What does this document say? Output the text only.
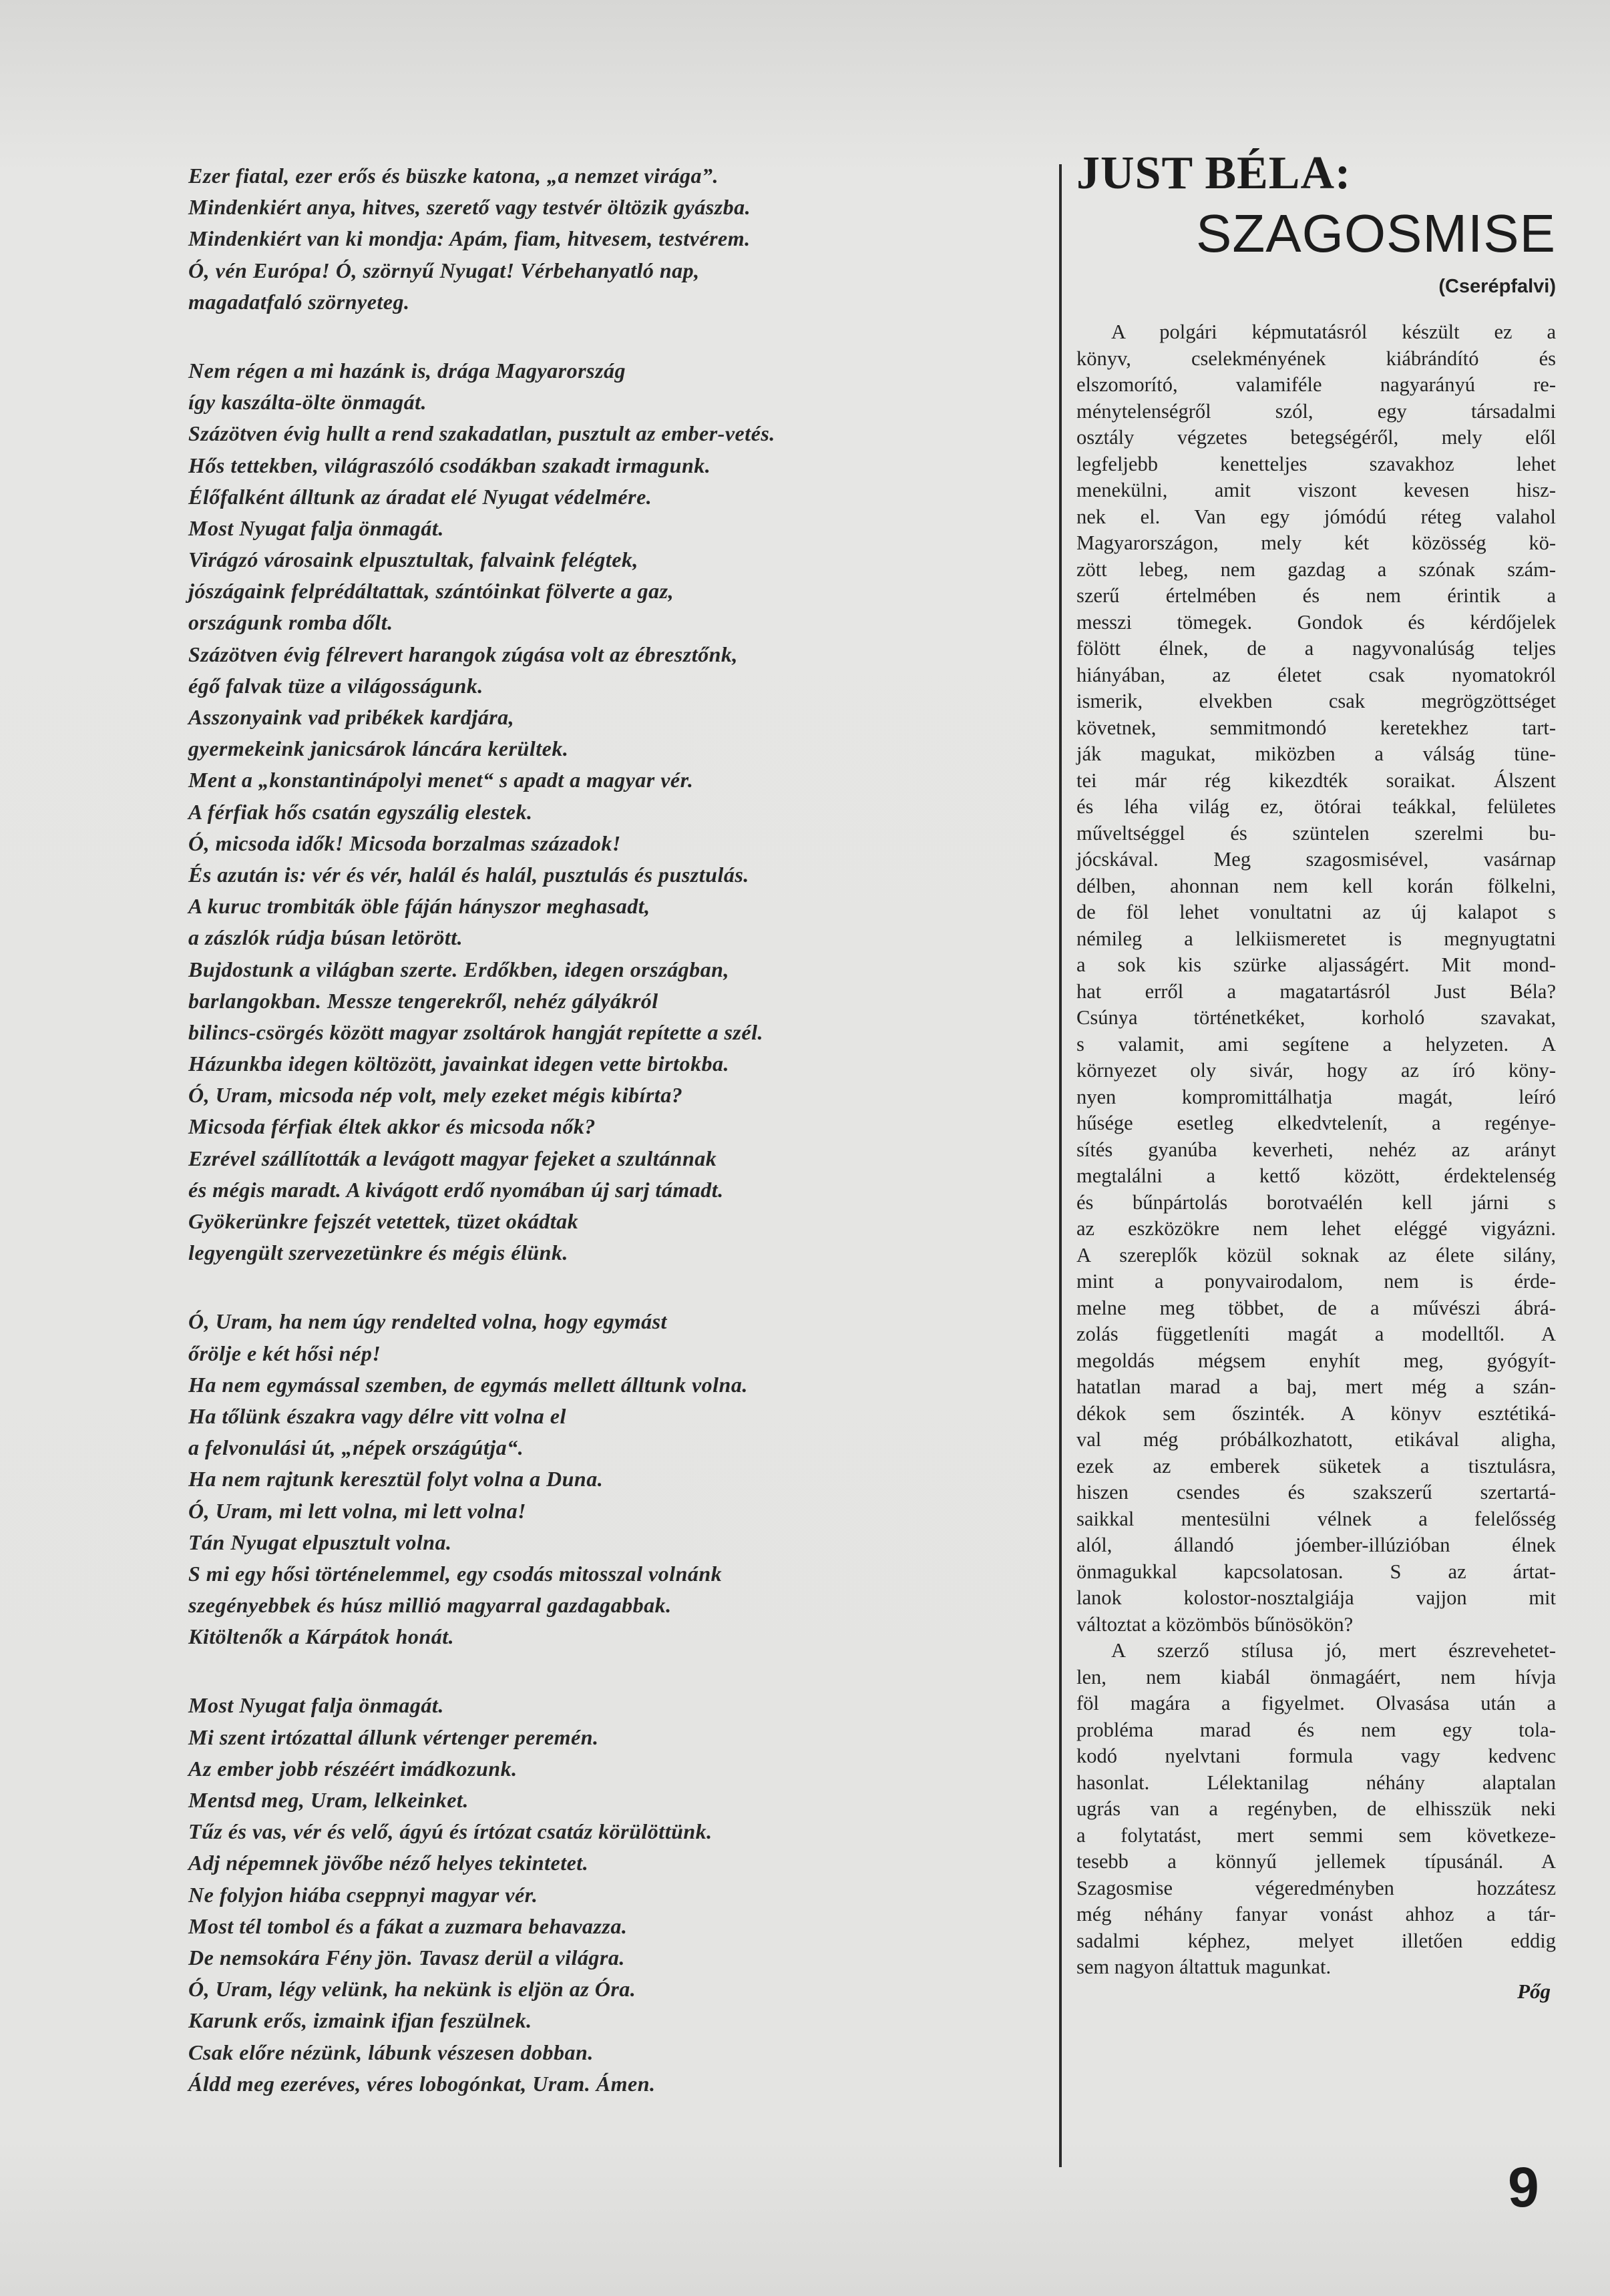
Ezer fiatal, ezer erős és büszke katona, „a nemzet virága”.
Mindenkiért anya, hitves, szerető vagy testvér öltözik gyászba.
Mindenkiért van ki mondja: Apám, fiam, hitvesem, testvérem.
Ó, vén Európa! Ó, szörnyű Nyugat! Vérbehanyatló nap,
magadatfaló szörnyeteg.
Nem régen a mi hazánk is, drága Magyarország
így kaszálta-ölte önmagát.
Százötven évig hullt a rend szakadatlan, pusztult az ember-vetés.
Hős tettekben, világraszóló csodákban szakadt irmagunk.
Élőfalként álltunk az áradat elé Nyugat védelmére.
Most Nyugat falja önmagát.
Virágzó városaink elpusztultak, falvaink felégtek,
jószágaink felprédáltattak, szántóinkat fölverte a gaz,
országunk romba dőlt.
Százötven évig félrevert harangok zúgása volt az ébresztőnk,
égő falvak tüze a világosságunk.
Asszonyaink vad pribékek kardjára,
gyermekeink janicsárok láncára kerültek.
Ment a „konstantinápolyi menet“ s apadt a magyar vér.
A férfiak hős csatán egyszálig elestek.
Ó, micsoda idők! Micsoda borzalmas századok!
És azután is: vér és vér, halál és halál, pusztulás és pusztulás.
A kuruc trombiták öble fáján hányszor meghasadt,
a zászlók rúdja búsan letörött.
Bujdostunk a világban szerte. Erdőkben, idegen országban,
barlangokban. Messze tengerekről, nehéz gályákról
bilincs-csörgés között magyar zsoltárok hangját repítette a szél.
Házunkba idegen költözött, javainkat idegen vette birtokba.
Ó, Uram, micsoda nép volt, mely ezeket mégis kibírta?
Micsoda férfiak éltek akkor és micsoda nők?
Ezrével szállították a levágott magyar fejeket a szultánnak
és mégis maradt. A kivágott erdő nyomában új sarj támadt.
Gyökerünkre fejszét vetettek, tüzet okádtak
legyengült szervezetünkre és mégis élünk.
Ó, Uram, ha nem úgy rendelted volna, hogy egymást
őrölje e két hősi nép!
Ha nem egymással szemben, de egymás mellett álltunk volna.
Ha tőlünk északra vagy délre vitt volna el
a felvonulási út, „népek országútja“.
Ha nem rajtunk keresztül folyt volna a Duna.
Ó, Uram, mi lett volna, mi lett volna!
Tán Nyugat elpusztult volna.
S mi egy hősi történelemmel, egy csodás mitosszal volnánk
szegényebbek és húsz millió magyarral gazdagabbak.
Kitöltenők a Kárpátok honát.
Most Nyugat falja önmagát.
Mi szent irtózattal állunk vértenger peremén.
Az ember jobb részéért imádkozunk.
Mentsd meg, Uram, lelkeinket.
Tűz és vas, vér és velő, ágyú és írtózat csatáz körülöttünk.
Adj népemnek jövőbe néző helyes tekintetet.
Ne folyjon hiába cseppnyi magyar vér.
Most tél tombol és a fákat a zuzmara behavazza.
De nemsokára Fény jön. Tavasz derül a világra.
Ó, Uram, légy velünk, ha nekünk is eljön az Óra.
Karunk erős, izmaink ifjan feszülnek.
Csak előre nézünk, lábunk vészesen dobban.
Áldd meg ezeréves, véres lobogónkat, Uram. Ámen.
JUST BÉLA:
SZAGOSMISE
(Cserépfalvi)
A polgári képmutatásról készült ez a
könyv, cselekményének kiábrándító és
elszomorító, valamiféle nagyarányú re-
ménytelenségről szól, egy társadalmi
osztály végzetes betegségéről, mely elől
legfeljebb kenetteljes szavakhoz lehet
menekülni, amit viszont kevesen hisz-
nek el. Van egy jómódú réteg valahol
Magyarországon, mely két közösség kö-
zött lebeg, nem gazdag a szónak szám-
szerű értelmében és nem érintik a
messzi tömegek. Gondok és kérdőjelek
fölött élnek, de a nagyvonalúság teljes
hiányában, az életet csak nyomatokról
ismerik, elvekben csak megrögzöttséget
követnek, semmitmondó keretekhez tart-
ják magukat, miközben a válság tüne-
tei már rég kikezdték soraikat. Álszent
és léha világ ez, ötórai teákkal, felületes
műveltséggel és szüntelen szerelmi bu-
jócskával. Meg szagosmisével, vasárnap
délben, ahonnan nem kell korán fölkelni,
de föl lehet vonultatni az új kalapot s
némileg a lelkiismeretet is megnyugtatni
a sok kis szürke aljasságért. Mit mond-
hat erről a magatartásról Just Béla?
Csúnya történetkéket, korholó szavakat,
s valamit, ami segítene a helyzeten. A
környezet oly sivár, hogy az író köny-
nyen kompromittálhatja magát, leíró
hűsége esetleg elkedvtelenít, a regénye-
sítés gyanúba keverheti, nehéz az arányt
megtalálni a kettő között, érdektelenség
és bűnpártolás borotvaélén kell járni s
az eszközökre nem lehet eléggé vigyázni.
A szereplők közül soknak az élete silány,
mint a ponyvairodalom, nem is érde-
melne meg többet, de a művészi ábrá-
zolás függetleníti magát a modelltől. A
megoldás mégsem enyhít meg, gyógyít-
hatatlan marad a baj, mert még a szán-
dékok sem őszinték. A könyv esztétiká-
val még próbálkozhatott, etikával aligha,
ezek az emberek süketek a tisztulásra,
hiszen csendes és szakszerű szertartá-
saikkal mentesülni vélnek a felelősség
alól, állandó jóember-illúzióban élnek
önmagukkal kapcsolatosan. S az ártat-
lanok kolostor-nosztalgiája vajjon mit
változtat a közömbös bűnösökön?
A szerző stílusa jó, mert észrevehetet-
len, nem kiabál önmagáért, nem hívja
föl magára a figyelmet. Olvasása után a
probléma marad és nem egy tola-
kodó nyelvtani formula vagy kedvenc
hasonlat. Lélektanilag néhány alaptalan
ugrás van a regényben, de elhisszük neki
a folytatást, mert semmi sem következe-
tesebb a könnyű jellemek típusánál. A
Szagosmise végeredményben hozzátesz
még néhány fanyar vonást ahhoz a tár-
sadalmi képhez, melyet illetően eddig
sem nagyon áltattuk magunkat.
Pőg
9
